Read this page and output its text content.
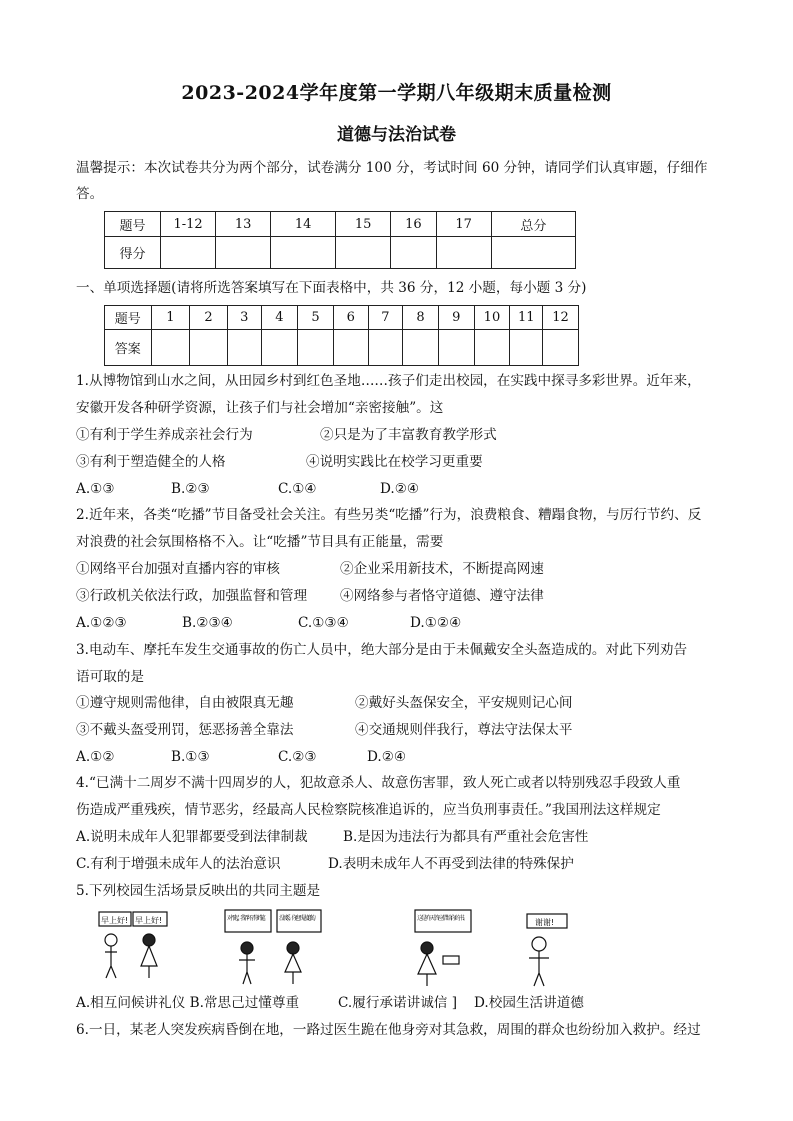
2023-2024学年度第一学期八年级期末质量检测
道德与法治试卷
温馨提示：本次试卷共分为两个部分，试卷满分 100 分，考试时间 60 分钟，请同学们认真审题，仔细作
答。
题号	1-12	13	14	15	16	17	总分
得分							
一、单项选择题(请将所选答案填写在下面表格中，共 36 分，12 小题，每小题 3 分)
题号	1	2	3	4	5	6	7	8	9	10	11	12
答案												
1.从博物馆到山水之间，从田园乡村到红色圣地……孩子们走出校园，在实践中探寻多彩世界。近年来，
安徽开发各种研学资源，让孩子们与社会增加“亲密接触”。这
①有利于学生养成亲社会行为	②只是为了丰富教育教学形式
③有利于塑造健全的人格	④说明实践比在校学习更重要
A.①③	B.②③	C.①④	D.②④
2.近年来，各类“吃播”节目备受社会关注。有些另类“吃播”行为，浪费粮食、糟蹋食物，与厉行节约、反
对浪费的社会氛围格格不入。让“吃播”节目具有正能量，需要
①网络平台加强对直播内容的审核	②企业采用新技术，不断提高网速
③行政机关依法行政，加强监督和管理 ④网络参与者恪守道德、遵守法律
A.①②③	B.②③④	C.①③④	D.①②④
3.电动车、摩托车发生交通事故的伤亡人员中，绝大部分是由于未佩戴安全头盔造成的。对此下列劝告
语可取的是
①遵守规则需他律，自由被限真无趣	②戴好头盔保安全，平安规则记心间
③不戴头盔受刑罚，惩恶扬善全靠法	④交通规则伴我行，尊法守法保太平
A.①②	B.①③	C.②③	D.②④
4.“已满十二周岁不满十四周岁的人，犯故意杀人、故意伤害罪，致人死亡或者以特别残忍手段致人重
伤造成严重残疾，情节恶劣，经最高人民检察院核准追诉的，应当负刑事责任。”我国刑法这样规定
A.说明未成年人犯罪都要受到法律制裁	B.是因为违法行为都具有严重社会危害性
C.有利于增强未成年人的法治意识	D.表明未成年人不再受到法律的特殊保护
5.下列校园生活场景反映出的共同主题是
早上好! 早上好!	对不起，我弄坏了你的笔。 没关系，你也不是故意的。	这是昨天答应借给你的书。	谢谢!
A.相互问候讲礼仪 B.常思己过懂尊重	C.履行承诺讲诚信 ] D.校园生活讲道德
6.一日，某老人突发疾病昏倒在地，一路过医生跪在他身旁对其急救，周围的群众也纷纷加入救护。经过
